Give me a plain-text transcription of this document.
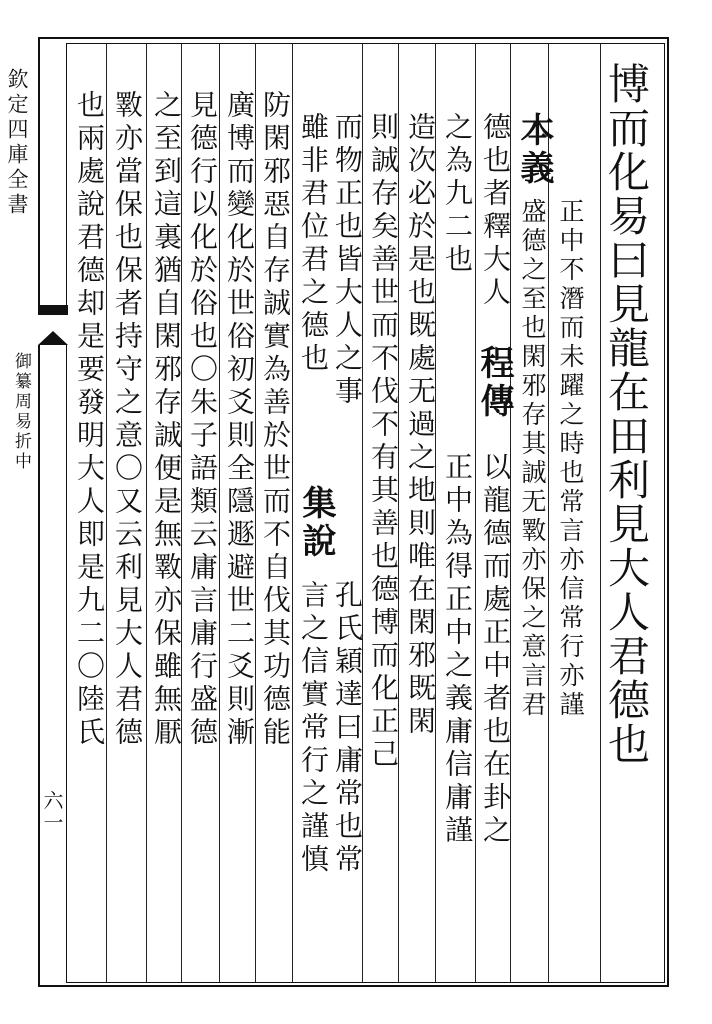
欽定四庫全書
御纂周易折中
六一
博而化易曰見龍在田利見大人君德也
本義
正中不潛而未躍之時也常言亦信常行亦謹
盛德之至也閑邪存其誠无斁亦保之意言君
德也者釋大人
程傳
以龍德而處正中者也在卦之
之為九二也
正中為得正中之義庸信庸謹
造次必於是也既處无過之地則唯在閑邪既閑
則誠存矣善世而不伐不有其善也德博而化正己
而物正也皆大人之事
雖非君位君之德也
集說
孔氏穎達曰庸常也常
言之信實常行之謹慎
防閑邪惡自存誠實為善於世而不自伐其功德能
廣博而變化於世俗初爻則全隱遯避世二爻則漸
見德行以化於俗也〇朱子語類云庸言庸行盛德
之至到這裏猶自閑邪存誠便是無斁亦保雖無厭
斁亦當保也保者持守之意〇又云利見大人君德
也兩處說君德却是要發明大人即是九二〇陸氏
